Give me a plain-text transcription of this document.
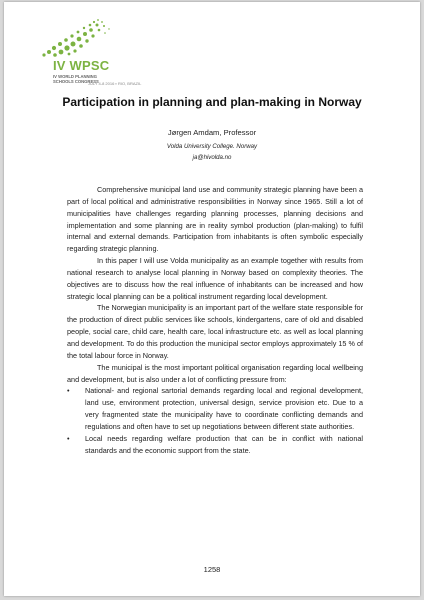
IV WPSC
IV WORLD PLANNING
SCHOOLS CONGRESS
JULY 4-8 2016 ▪ RIO, BRAZIL
Participation in planning and plan-making in Norway
Jørgen Amdam, Professor
Volda University College. Norway
ja@hivolda.no

Comprehensive municipal land use and community strategic planning have been a part of local political and administrative responsibilities in Norway since 1965. Still a lot of municipalities have challenges regarding planning processes, planning decisions and implementation and some planning are in reality symbol production (plan-making) to fulfil internal and external demands. Participation from inhabitants is often symbolic especially regarding strategic planning.

In this paper I will use Volda municipality as an example together with results from national research to analyse local planning in Norway based on complexity theories. The objectives are to discuss how the real influence of inhabitants can be increased and how strategic local planning can be a political instrument regarding local development.

The Norwegian municipality is an important part of the welfare state responsible for the production of direct public services like schools, kindergartens, care of old and disabled people, social care, child care, health care, local infrastructure etc. as well as local planning and development. To do this production the municipal sector employs approximately 15 % of the total labour force in Norway.

The municipal is the most important political organisation regarding local wellbeing and development, but is also under a lot of conflicting pressure from:

•	National- and regional sartorial demands regarding local and regional development, land use, environment protection, universal design, service provision etc. Due to a very fragmented state the municipality have to coordinate conflicting demands and regulations and often have to set up negotiations between different state authorities.
•	Local needs regarding welfare production that can be in conflict with national standards and the economic support from the state.
1258
